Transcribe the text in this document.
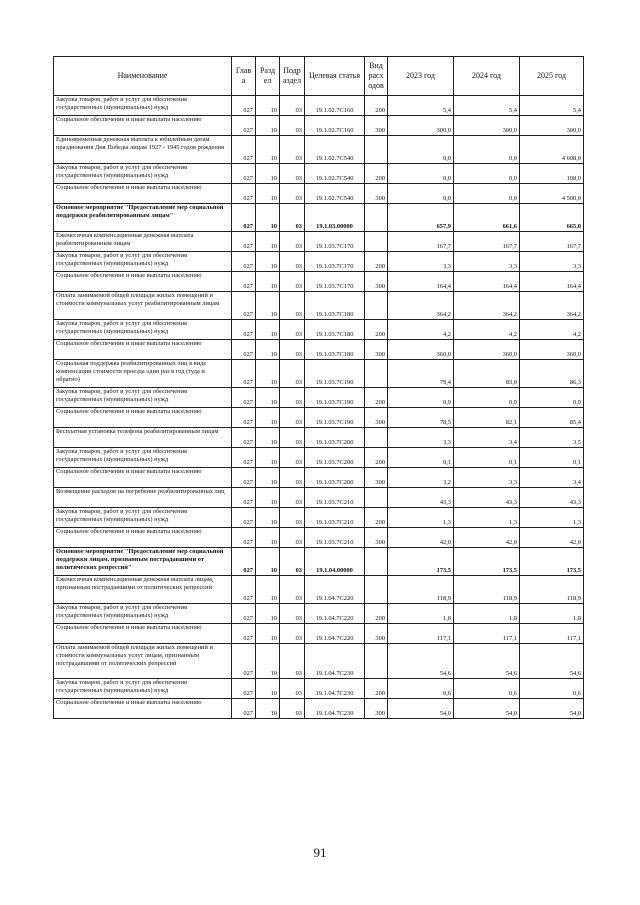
Наименование	Глав а	Разд ел	Подр аздел	Целевая статья	Вид расх одов	2023 год	2024 год	2025 год
Закупка товаров, работ и услуг для обеспечения государственных (муниципальных) нужд	027	10	03	19.1.02.7C160	200	5,4	5,4	5,4
Социальное обеспечение и иные выплаты населению	027	10	03	19.1.02.7C160	300	300,0	300,0	300,0
Единовременная денежная выплата к юбилейным датам празднования Дня Победы лицам 1927 - 1945 годов рождения	027	10	03	19.1.02.7C540		0,0	0,0	4 608,0
Закупка товаров, работ и услуг для обеспечения государственных (муниципальных) нужд	027	10	03	19.1.02.7C540	200	0,0	0,0	108,0
Социальное обеспечение и иные выплаты населению	027	10	03	19.1.02.7C540	300	0,0	0,0	4 500,0
Основное мероприятие "Предоставление мер социальной поддержки реабилитированным лицам"	027	10	03	19.1.03.00000		657,9	661,6	665,0
Ежемесячная компенсационная денежная выплата реабилитированным лицам	027	10	03	19.1.03.7C170		167,7	167,7	167,7
Закупка товаров, работ и услуг для обеспечения государственных (муниципальных) нужд	027	10	03	19.1.03.7C170	200	3,3	3,3	3,3
Социальное обеспечение и иные выплаты населению	027	10	03	19.1.03.7C170	300	164,4	164,4	164,4
Оплата занимаемой общей площади жилых помещений и стоимости коммунальных услуг реабилитированным лицам	027	10	03	19.1.03.7C180		364,2	364,2	364,2
Закупка товаров, работ и услуг для обеспечения государственных (муниципальных) нужд	027	10	03	19.1.03.7C180	200	4,2	4,2	4,2
Социальное обеспечение и иные выплаты населению	027	10	03	19.1.03.7C180	300	360,0	360,0	360,0
Социальная поддержка реабилитированных лиц в виде компенсации стоимости проезда один раз в год (туда и обратно)	027	10	03	19.1.03.7C190		79,4	83,0	86,3
Закупка товаров, работ и услуг для обеспечения государственных (муниципальных) нужд	027	10	03	19.1.03.7C190	200	0,9	0,9	0,9
Социальное обеспечение и иные выплаты населению	027	10	03	19.1.03.7C190	300	78,5	82,1	85,4
Бесплатная установка телефона реабилитированным лицам	027	10	03	19.1.03.7C200		3,3	3,4	3,5
Закупка товаров, работ и услуг для обеспечения государственных (муниципальных) нужд	027	10	03	19.1.03.7C200	200	0,1	0,1	0,1
Социальное обеспечение и иные выплаты населению	027	10	03	19.1.03.7C200	300	3,2	3,3	3,4
Возмещение расходов на погребение реабилитированных лиц	027	10	03	19.1.03.7C210		43,3	43,3	43,3
Закупка товаров, работ и услуг для обеспечения государственных (муниципальных) нужд	027	10	03	19.1.03.7C210	200	1,3	1,3	1,3
Социальное обеспечение и иные выплаты населению	027	10	03	19.1.03.7C210	300	42,0	42,0	42,0
Основное мероприятие "Предоставление мер социальной поддержки лицам, признанным пострадавшими от политических репрессий"	027	10	03	19.1.04.00000		173,5	173,5	173,5
Ежемесячная компенсационная денежная выплата лицам, признанным пострадавшими от политических репрессий	027	10	03	19.1.04.7C220		118,9	118,9	118,9
Закупка товаров, работ и услуг для обеспечения государственных (муниципальных) нужд	027	10	03	19.1.04.7C220	200	1,8	1,8	1,8
Социальное обеспечение и иные выплаты населению	027	10	03	19.1.04.7C220	300	117,1	117,1	117,1
Оплата занимаемой общей площади жилых помещений и стоимости коммунальных услуг лицам, признанным пострадавшими от политических репрессий	027	10	03	19.1.04.7C230		54,6	54,6	54,6
Закупка товаров, работ и услуг для обеспечения государственных (муниципальных) нужд	027	10	03	19.1.04.7C230	200	0,6	0,6	0,6
Социальное обеспечение и иные выплаты населению	027	10	03	19.1.04.7C230	300	54,0	54,0	54,0
91
